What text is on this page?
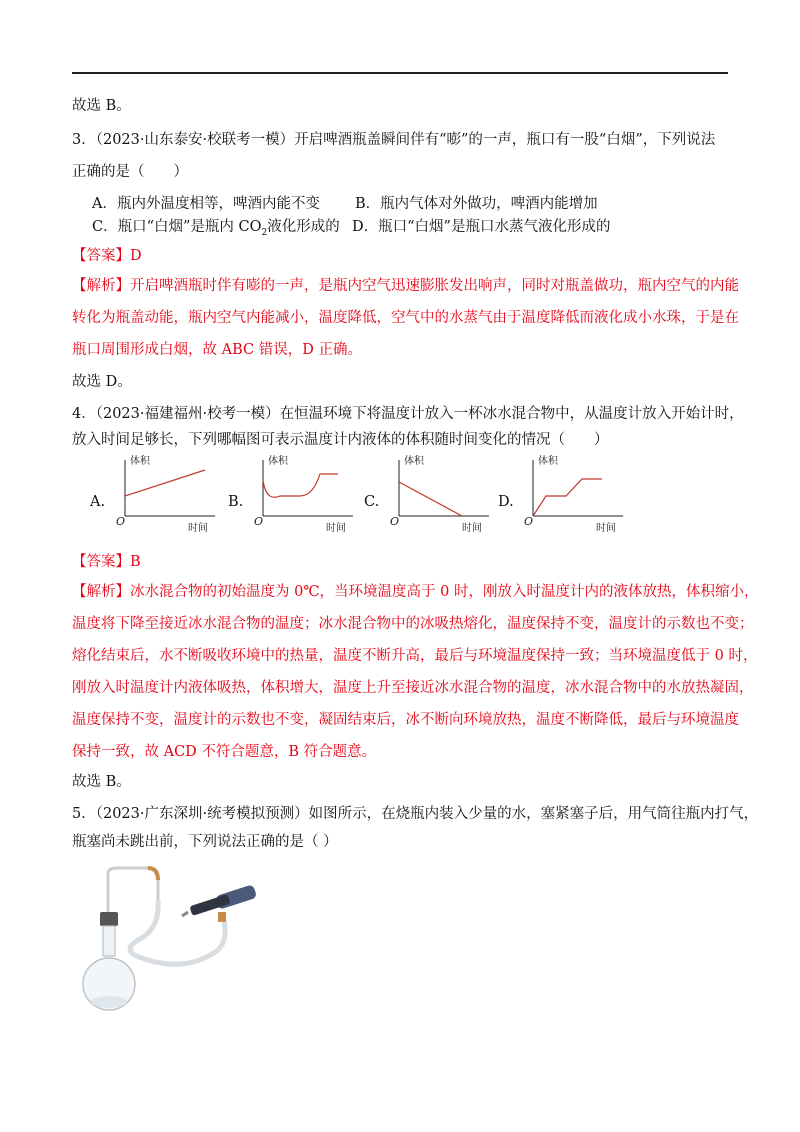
故选 B。
3．（2023·山东泰安·校联考一模）开启啤酒瓶盖瞬间伴有“嘭”的一声，瓶口有一股“白烟”，下列说法
正确的是（　　）
A．瓶内外温度相等，啤酒内能不变 B．瓶内气体对外做功，啤酒内能增加
C．瓶口“白烟”是瓶内 $CO_2$液化形成的 D．瓶口“白烟”是瓶口水蒸气液化形成的
【答案】D
【解析】开启啤酒瓶时伴有嘭的一声，是瓶内空气迅速膨胀发出响声，同时对瓶盖做功，瓶内空气的内能
转化为瓶盖动能，瓶内空气内能减小，温度降低，空气中的水蒸气由于温度降低而液化成小水珠，于是在
瓶口周围形成白烟，故 ABC 错误，D 正确。
故选 D。
4．（2023·福建福州·校考一模）在恒温环境下将温度计放入一杯冰水混合物中，从温度计放入开始计时，
放入时间足够长，下列哪幅图可表示温度计内液体的体积随时间变化的情况（　　）
A.
体积
时间
O
B.
体积
时间
O
C.
体积
时间
O
D.
体积
时间
O
【答案】B
【解析】冰水混合物的初始温度为 0℃，当环境温度高于 0 时，刚放入时温度计内的液体放热，体积缩小，
温度将下降至接近冰水混合物的温度；冰水混合物中的冰吸热熔化，温度保持不变，温度计的示数也不变；
熔化结束后，水不断吸收环境中的热量，温度不断升高，最后与环境温度保持一致；当环境温度低于 0 时，
刚放入时温度计内液体吸热，体积增大，温度上升至接近冰水混合物的温度，冰水混合物中的水放热凝固，
温度保持不变，温度计的示数也不变，凝固结束后，冰不断向环境放热，温度不断降低，最后与环境温度
保持一致，故 ACD 不符合题意，B 符合题意。
故选 B。
5．（2023·广东深圳·统考模拟预测）如图所示，在烧瓶内装入少量的水，塞紧塞子后，用气筒往瓶内打气，
瓶塞尚未跳出前，下列说法正确的是（ ）
